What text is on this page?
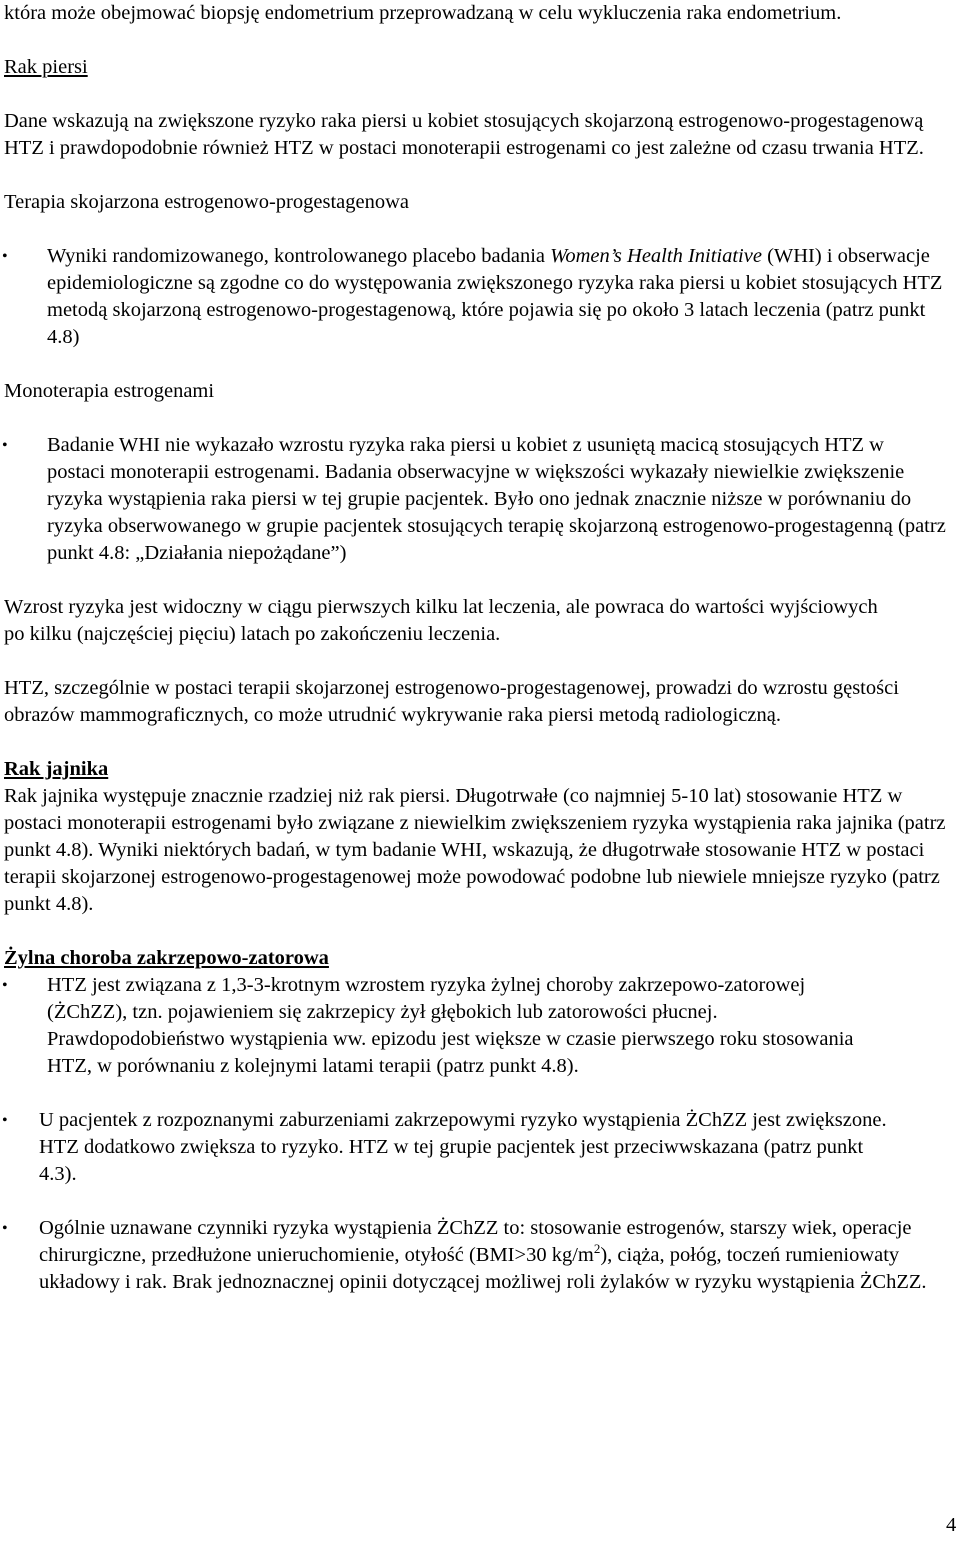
która może obejmować biopsję endometrium przeprowadzaną w celu wykluczenia raka endometrium.

Rak piersi

Dane wskazują na zwiększone ryzyko raka piersi u kobiet stosujących skojarzoną estrogenowo-progestagenową HTZ i prawdopodobnie również HTZ w postaci monoterapii estrogenami co jest zależne od czasu trwania HTZ.

Terapia skojarzona estrogenowo-progestagenowa

• Wyniki randomizowanego, kontrolowanego placebo badania Women’s Health Initiative (WHI) i obserwacje epidemiologiczne są zgodne co do występowania zwiększonego ryzyka raka piersi u kobiet stosujących HTZ metodą skojarzoną estrogenowo-progestagenową, które pojawia się po około 3 latach leczenia (patrz punkt 4.8)

Monoterapia estrogenami

• Badanie WHI nie wykazało wzrostu ryzyka raka piersi u kobiet z usuniętą macicą stosujących HTZ w postaci monoterapii estrogenami. Badania obserwacyjne w większości wykazały niewielkie zwiększenie ryzyka wystąpienia raka piersi w tej grupie pacjentek. Było ono jednak znacznie niższe w porównaniu do ryzyka obserwowanego w grupie pacjentek stosujących terapię skojarzoną estrogenowo-progestagenną (patrz punkt 4.8: „Działania niepożądane”)

Wzrost ryzyka jest widoczny w ciągu pierwszych kilku lat leczenia, ale powraca do wartości wyjściowych po kilku (najczęściej pięciu) latach po zakończeniu leczenia.

HTZ, szczególnie w postaci terapii skojarzonej estrogenowo-progestagenowej, prowadzi do wzrostu gęstości obrazów mammograficznych, co może utrudnić wykrywanie raka piersi metodą radiologiczną.

Rak jajnika

Rak jajnika występuje znacznie rzadziej niż rak piersi. Długotrwałe (co najmniej 5-10 lat) stosowanie HTZ w postaci monoterapii estrogenami było związane z niewielkim zwiększeniem ryzyka wystąpienia raka jajnika (patrz punkt 4.8). Wyniki niektórych badań, w tym badanie WHI, wskazują, że długotrwałe stosowanie HTZ w postaci terapii skojarzonej estrogenowo-progestagenowej może powodować podobne lub niewiele mniejsze ryzyko (patrz punkt 4.8).

Żylna choroba zakrzepowo-zatorowa

• HTZ jest związana z 1,3-3-krotnym wzrostem ryzyka żylnej choroby zakrzepowo-zatorowej (ŻChZZ), tzn. pojawieniem się zakrzepicy żył głębokich lub zatorowości płucnej. Prawdopodobieństwo wystąpienia ww. epizodu jest większe w czasie pierwszego roku stosowania HTZ, w porównaniu z kolejnymi latami terapii (patrz punkt 4.8).

• U pacjentek z rozpoznanymi zaburzeniami zakrzepowymi ryzyko wystąpienia ŻChZZ jest zwiększone. HTZ dodatkowo zwiększa to ryzyko. HTZ w tej grupie pacjentek jest przeciwwskazana (patrz punkt 4.3).

• Ogólnie uznawane czynniki ryzyka wystąpienia ŻChZZ to: stosowanie estrogenów, starszy wiek, operacje chirurgiczne, przedłużone unieruchomienie, otyłość (BMI>30 $kg/m^2$), ciąża, połóg, toczeń rumieniowaty układowy i rak. Brak jednoznacznej opinii dotyczącej możliwej roli żylaków w ryzyku wystąpienia ŻChZZ.

4
